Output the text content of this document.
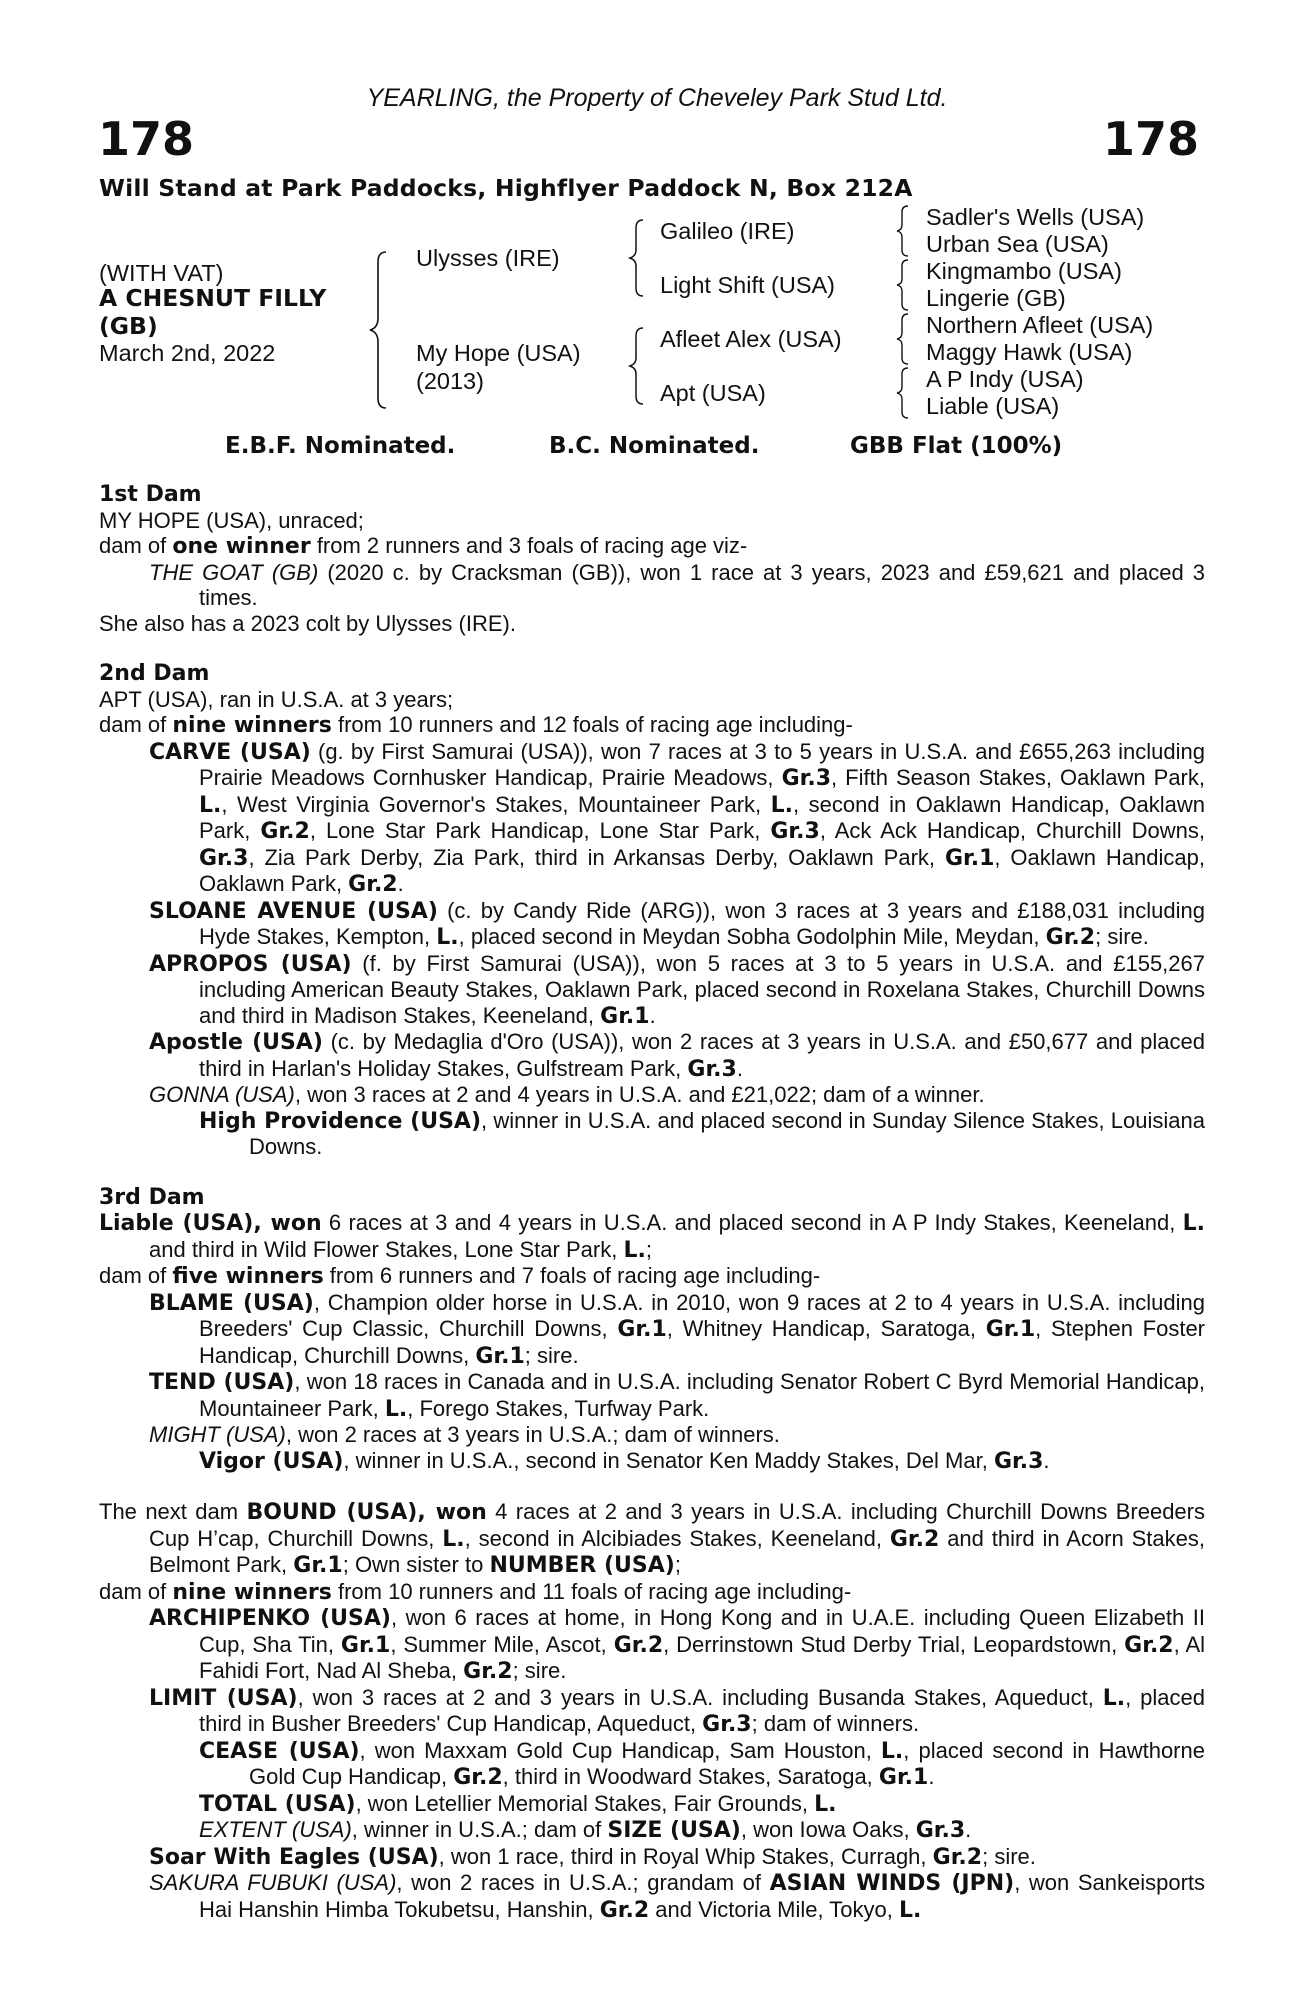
YEARLING, the Property of Cheveley Park Stud Ltd.
178	178
Will Stand at Park Paddocks, Highflyer Paddock N, Box 212A
(WITH VAT)
A CHESNUT FILLY
(GB)
March 2nd, 2022
Ulysses (IRE)
My Hope (USA)
(2013)
Galileo (IRE)
Light Shift (USA)
Afleet Alex (USA)
Apt (USA)
Sadler's Wells (USA)
Urban Sea (USA)
Kingmambo (USA)
Lingerie (GB)
Northern Afleet (USA)
Maggy Hawk (USA)
A P Indy (USA)
Liable (USA)
E.B.F. Nominated.	B.C. Nominated.	GBB Flat (100%)

1st Dam

MY HOPE (USA), unraced;

dam of one winner from 2 runners and 3 foals of racing age viz-

THE GOAT (GB) (2020 c. by Cracksman (GB)), won 1 race at 3 years, 2023 and £59,621 and placed 3 times.

She also has a 2023 colt by Ulysses (IRE).

2nd Dam

APT (USA), ran in U.S.A. at 3 years;

dam of nine winners from 10 runners and 12 foals of racing age including-

CARVE (USA) (g. by First Samurai (USA)), won 7 races at 3 to 5 years in U.S.A. and £655,263 including Prairie Meadows Cornhusker Handicap, Prairie Meadows, Gr.3, Fifth Season Stakes, Oaklawn Park, L., West Virginia Governor's Stakes, Mountaineer Park, L., second in Oaklawn Handicap, Oaklawn Park, Gr.2, Lone Star Park Handicap, Lone Star Park, Gr.3, Ack Ack Handicap, Churchill Downs, Gr.3, Zia Park Derby, Zia Park, third in Arkansas Derby, Oaklawn Park, Gr.1, Oaklawn Handicap, Oaklawn Park, Gr.2.

SLOANE AVENUE (USA) (c. by Candy Ride (ARG)), won 3 races at 3 years and £188,031 including Hyde Stakes, Kempton, L., placed second in Meydan Sobha Godolphin Mile, Meydan, Gr.2; sire.

APROPOS (USA) (f. by First Samurai (USA)), won 5 races at 3 to 5 years in U.S.A. and £155,267 including American Beauty Stakes, Oaklawn Park, placed second in Roxelana Stakes, Churchill Downs and third in Madison Stakes, Keeneland, Gr.1.

Apostle (USA) (c. by Medaglia d'Oro (USA)), won 2 races at 3 years in U.S.A. and £50,677 and placed third in Harlan's Holiday Stakes, Gulfstream Park, Gr.3.

GONNA (USA), won 3 races at 2 and 4 years in U.S.A. and £21,022; dam of a winner.

High Providence (USA), winner in U.S.A. and placed second in Sunday Silence Stakes, Louisiana Downs.

3rd Dam

Liable (USA), won 6 races at 3 and 4 years in U.S.A. and placed second in A P Indy Stakes, Keeneland, L. and third in Wild Flower Stakes, Lone Star Park, L.;

dam of five winners from 6 runners and 7 foals of racing age including-

BLAME (USA), Champion older horse in U.S.A. in 2010, won 9 races at 2 to 4 years in U.S.A. including Breeders' Cup Classic, Churchill Downs, Gr.1, Whitney Handicap, Saratoga, Gr.1, Stephen Foster Handicap, Churchill Downs, Gr.1; sire.

TEND (USA), won 18 races in Canada and in U.S.A. including Senator Robert C Byrd Memorial Handicap, Mountaineer Park, L., Forego Stakes, Turfway Park.

MIGHT (USA), won 2 races at 3 years in U.S.A.; dam of winners.

Vigor (USA), winner in U.S.A., second in Senator Ken Maddy Stakes, Del Mar, Gr.3.

The next dam BOUND (USA), won 4 races at 2 and 3 years in U.S.A. including Churchill Downs Breeders Cup H’cap, Churchill Downs, L., second in Alcibiades Stakes, Keeneland, Gr.2 and third in Acorn Stakes, Belmont Park, Gr.1; Own sister to NUMBER (USA);

dam of nine winners from 10 runners and 11 foals of racing age including-

ARCHIPENKO (USA), won 6 races at home, in Hong Kong and in U.A.E. including Queen Elizabeth II Cup, Sha Tin, Gr.1, Summer Mile, Ascot, Gr.2, Derrinstown Stud Derby Trial, Leopardstown, Gr.2, Al Fahidi Fort, Nad Al Sheba, Gr.2; sire.

LIMIT (USA), won 3 races at 2 and 3 years in U.S.A. including Busanda Stakes, Aqueduct, L., placed third in Busher Breeders' Cup Handicap, Aqueduct, Gr.3; dam of winners.

CEASE (USA), won Maxxam Gold Cup Handicap, Sam Houston, L., placed second in Hawthorne Gold Cup Handicap, Gr.2, third in Woodward Stakes, Saratoga, Gr.1.

TOTAL (USA), won Letellier Memorial Stakes, Fair Grounds, L.

EXTENT (USA), winner in U.S.A.; dam of SIZE (USA), won Iowa Oaks, Gr.3.

Soar With Eagles (USA), won 1 race, third in Royal Whip Stakes, Curragh, Gr.2; sire.

SAKURA FUBUKI (USA), won 2 races in U.S.A.; grandam of ASIAN WINDS (JPN), won Sankeisports Hai Hanshin Himba Tokubetsu, Hanshin, Gr.2 and Victoria Mile, Tokyo, L.
